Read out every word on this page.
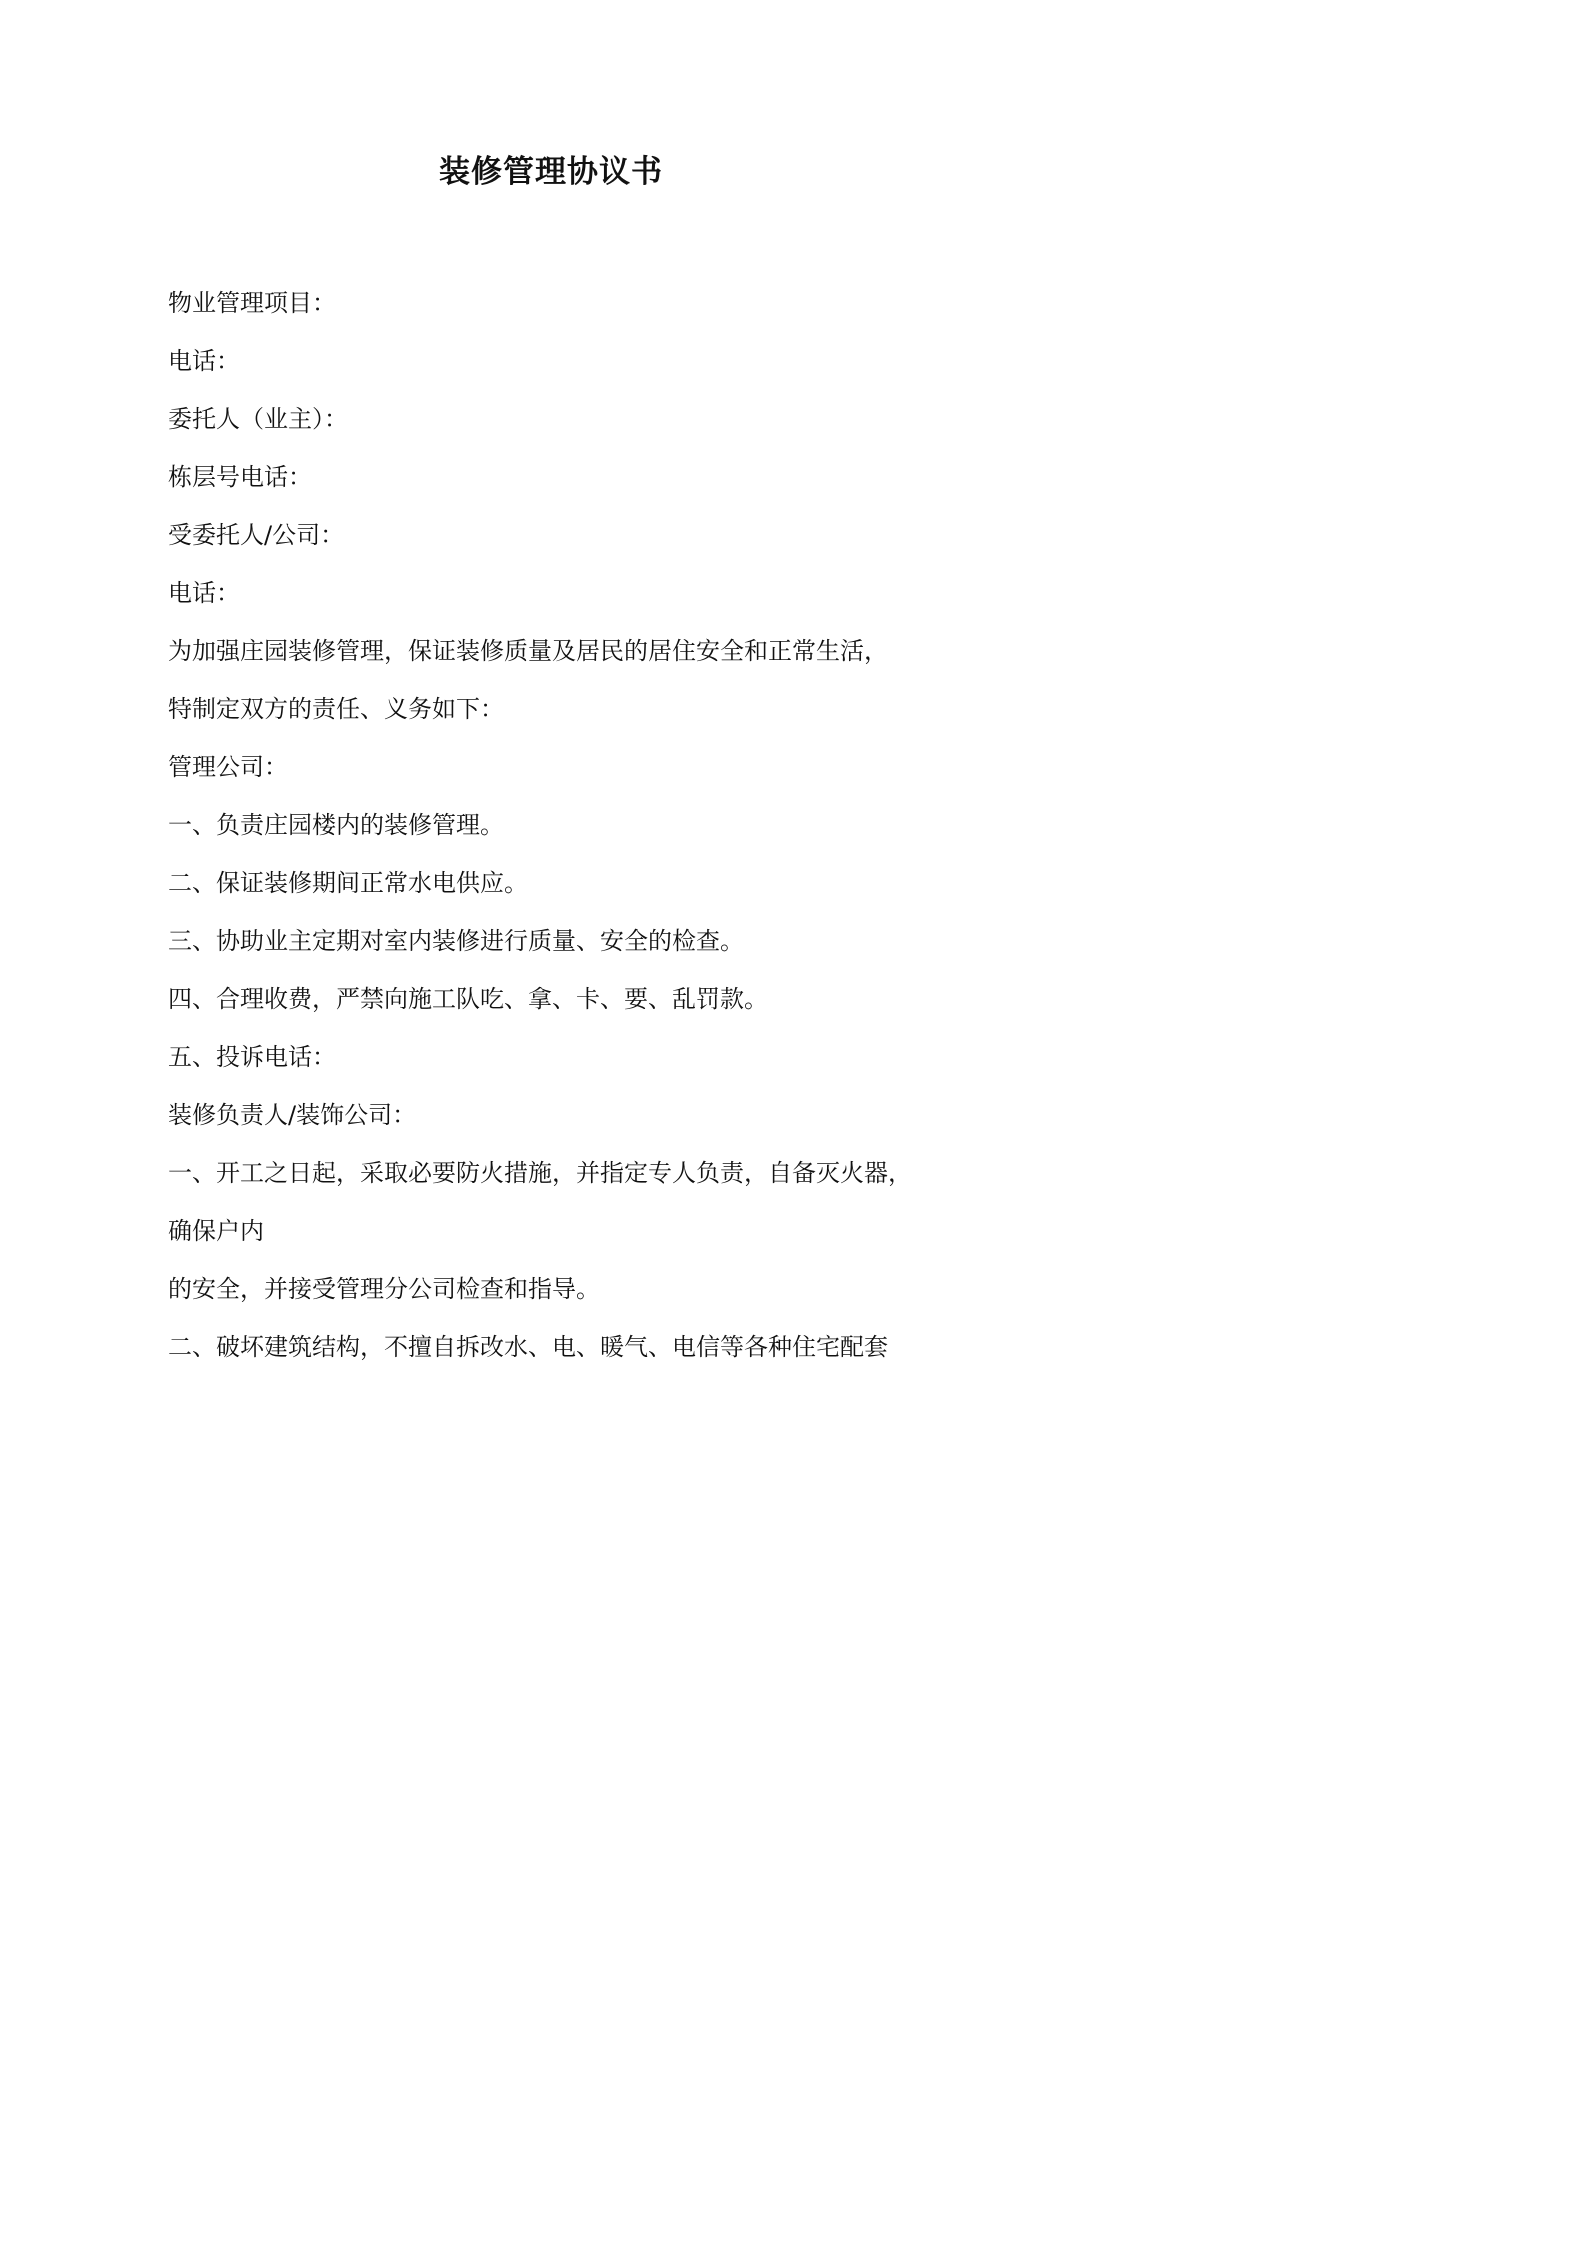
装修管理协议书

物业管理项目：

电话：

委托人（业主）：

栋层号电话：

受委托人/公司：

电话：

为加强庄园装修管理，保证装修质量及居民的居住安全和正常生活，

特制定双方的责任、义务如下：

管理公司：

一、负责庄园楼内的装修管理。

二、保证装修期间正常水电供应。

三、协助业主定期对室内装修进行质量、安全的检查。

四、合理收费，严禁向施工队吃、拿、卡、要、乱罚款。

五、投诉电话：

装修负责人/装饰公司：

一、开工之日起，采取必要防火措施，并指定专人负责，自备灭火器，

确保户内

的安全，并接受管理分公司检查和指导。

二、破坏建筑结构，不擅自拆改水、电、暖气、电信等各种住宅配套
